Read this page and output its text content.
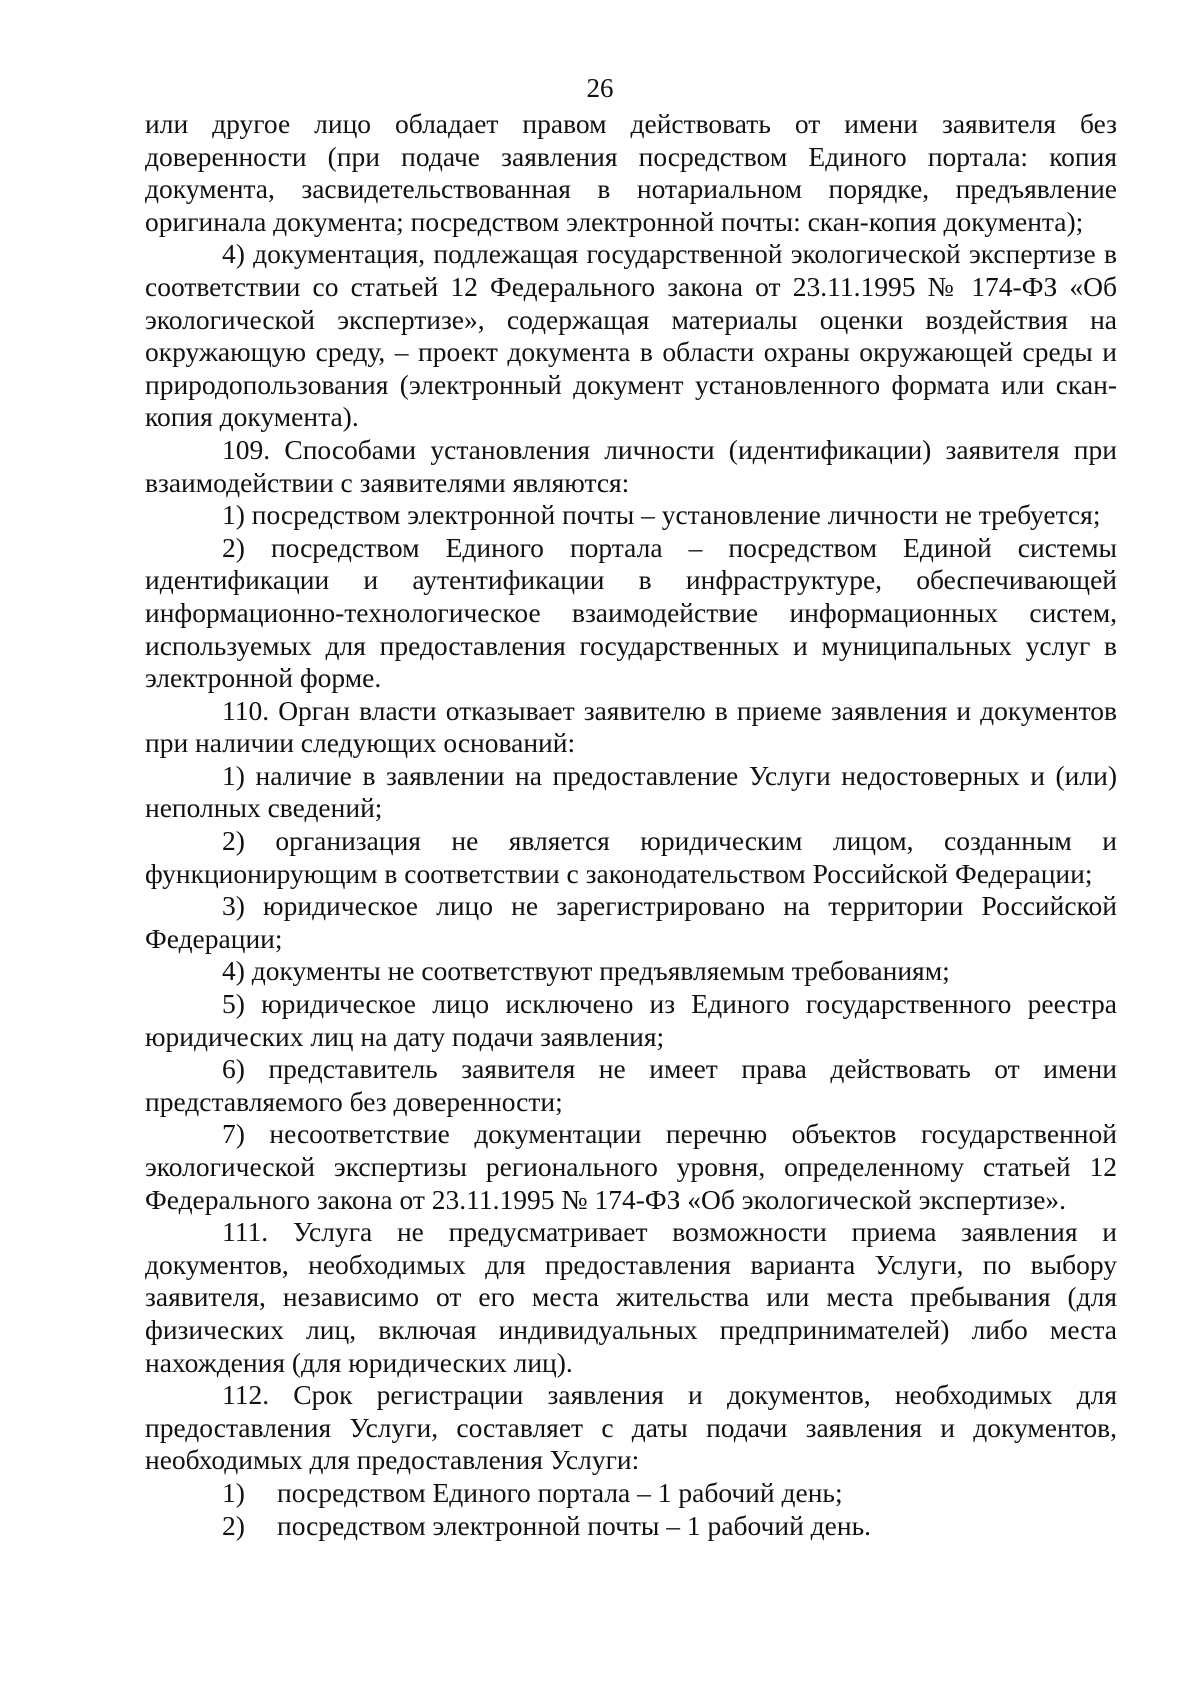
26

или другое лицо обладает правом действовать от имени заявителя без доверенности (при подаче заявления посредством Единого портала: копия документа, засвидетельствованная в нотариальном порядке, предъявление оригинала документа; посредством электронной почты: скан-копия документа);

4) документация, подлежащая государственной экологической экспертизе в соответствии со статьей 12 Федерального закона от 23.11.1995 № 174-ФЗ «Об экологической экспертизе», содержащая материалы оценки воздействия на окружающую среду, – проект документа в области охраны окружающей среды и природопользования (электронный документ установленного формата или скан-копия документа).

109. Способами установления личности (идентификации) заявителя при взаимодействии с заявителями являются:

1) посредством электронной почты – установление личности не требуется;

2) посредством Единого портала – посредством Единой системы идентификации и аутентификации в инфраструктуре, обеспечивающей информационно-технологическое взаимодействие информационных систем, используемых для предоставления государственных и муниципальных услуг в электронной форме.

110. Орган власти отказывает заявителю в приеме заявления и документов при наличии следующих оснований:

1) наличие в заявлении на предоставление Услуги недостоверных и (или) неполных сведений;

2) организация не является юридическим лицом, созданным и функционирующим в соответствии с законодательством Российской Федерации;

3) юридическое лицо не зарегистрировано на территории Российской Федерации;

4) документы не соответствуют предъявляемым требованиям;

5) юридическое лицо исключено из Единого государственного реестра юридических лиц на дату подачи заявления;

6) представитель заявителя не имеет права действовать от имени представляемого без доверенности;

7) несоответствие документации перечню объектов государственной экологической экспертизы регионального уровня, определенному статьей 12 Федерального закона от 23.11.1995 № 174-ФЗ «Об экологической экспертизе».

111. Услуга не предусматривает возможности приема заявления и документов, необходимых для предоставления варианта Услуги, по выбору заявителя, независимо от его места жительства или места пребывания (для физических лиц, включая индивидуальных предпринимателей) либо места нахождения (для юридических лиц).

112. Срок регистрации заявления и документов, необходимых для предоставления Услуги, составляет с даты подачи заявления и документов, необходимых для предоставления Услуги:

1) посредством Единого портала – 1 рабочий день;
2) посредством электронной почты – 1 рабочий день.
